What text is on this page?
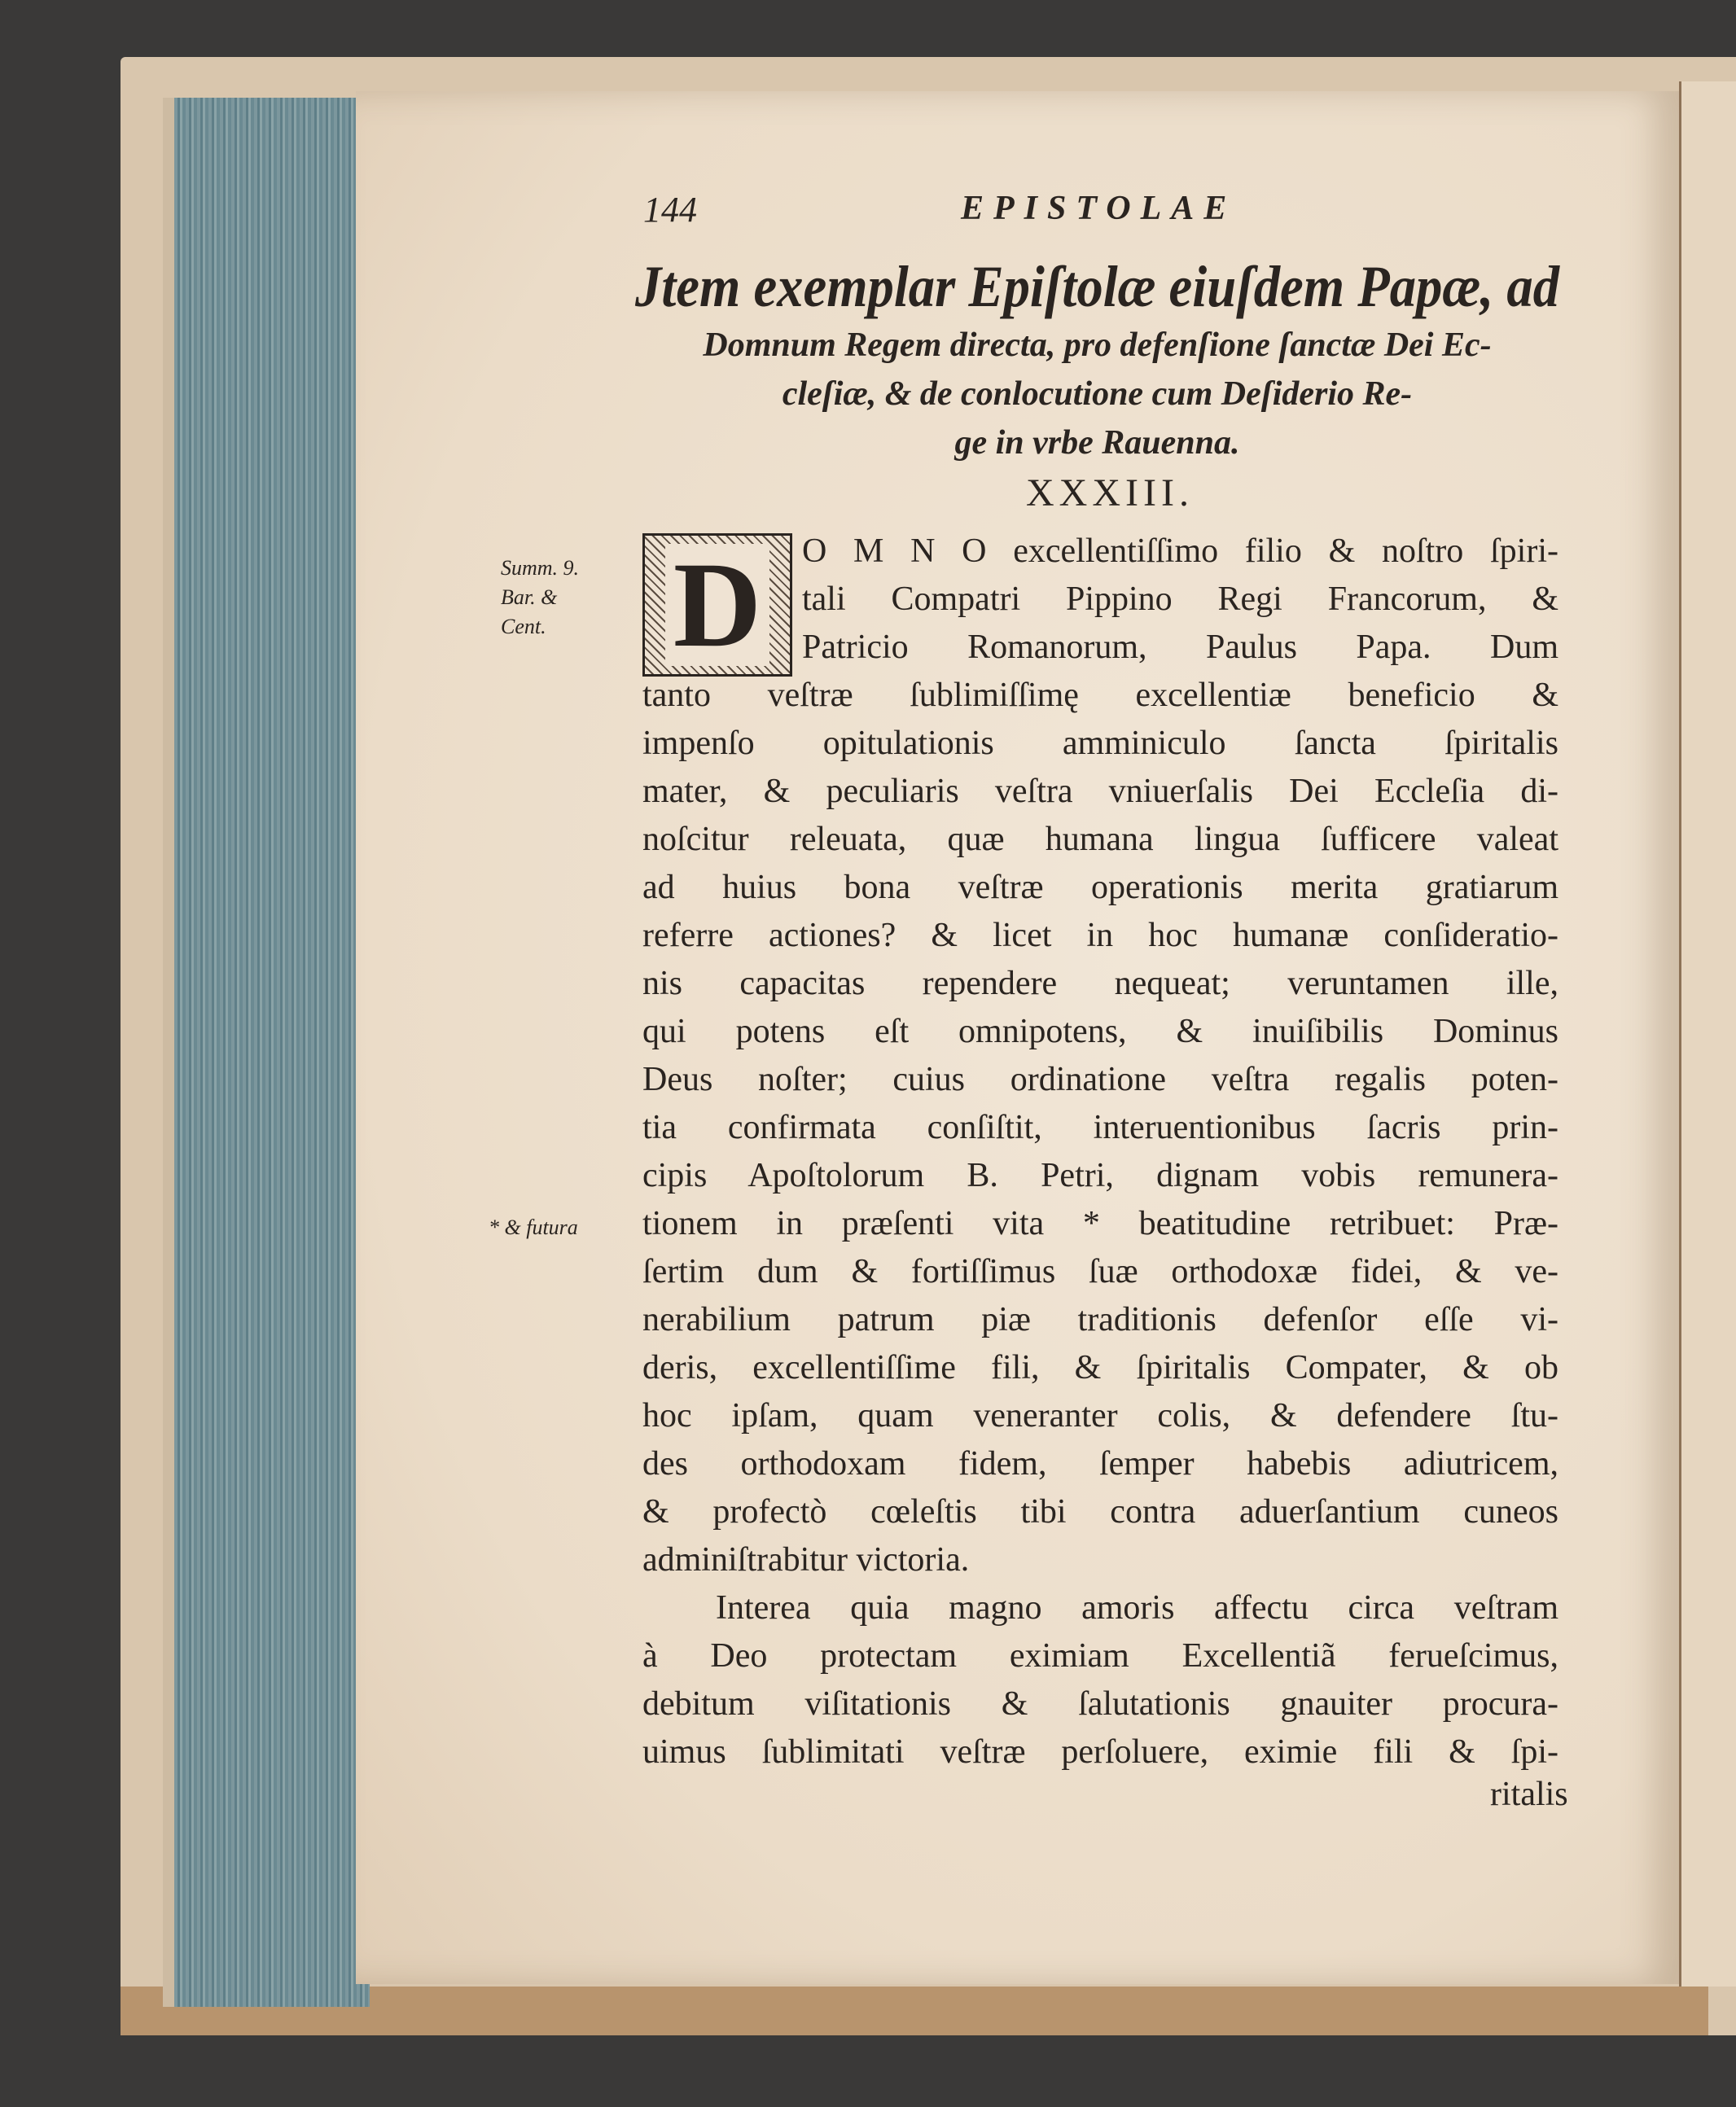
144	EPISTOLAE
Jtem exemplar Epiſtolæ eiuſdem Papæ, ad
Domnum Regem directa, pro defenſione ſanctæ Dei Ec-
cleſiæ, & de conlocutione cum Deſiderio Re-
ge in vrbe Rauenna.
XXXIII.
D
Summ. 9.
Bar. &
Cent.
* & futura
O M N O excellentiſſimo filio & noſtro ſpiri-
tali Compatri Pippino Regi Francorum, &
Patricio Romanorum, Paulus Papa. Dum
tanto veſtræ ſublimiſſimę excellentiæ beneficio &
impenſo opitulationis amminiculo ſancta ſpiritalis
mater, & peculiaris veſtra vniuerſalis Dei Eccleſia di-
noſcitur releuata, quæ humana lingua ſufficere valeat
ad huius bona veſtræ operationis merita gratiarum
referre actiones? & licet in hoc humanæ conſideratio-
nis capacitas rependere nequeat; veruntamen ille,
qui potens eſt omnipotens, & inuiſibilis Dominus
Deus noſter; cuius ordinatione veſtra regalis poten-
tia confirmata conſiſtit, interuentionibus ſacris prin-
cipis Apoſtolorum B. Petri, dignam vobis remunera-
tionem in præſenti vita * beatitudine retribuet: Præ-
ſertim dum & fortiſſimus ſuæ orthodoxæ fidei, & ve-
nerabilium patrum piæ traditionis defenſor eſſe vi-
deris, excellentiſſime fili, & ſpiritalis Compater, & ob
hoc ipſam, quam veneranter colis, & defendere ſtu-
des orthodoxam fidem, ſemper habebis adiutricem,
& profectò cœleſtis tibi contra aduerſantium cuneos
adminiſtrabitur victoria.
Interea quia magno amoris affectu circa veſtram
à Deo protectam eximiam Excellentiã ferueſcimus,
debitum viſitationis & ſalutationis gnauiter procura-
uimus ſublimitati veſtræ perſoluere, eximie fili & ſpi-
ritalis
